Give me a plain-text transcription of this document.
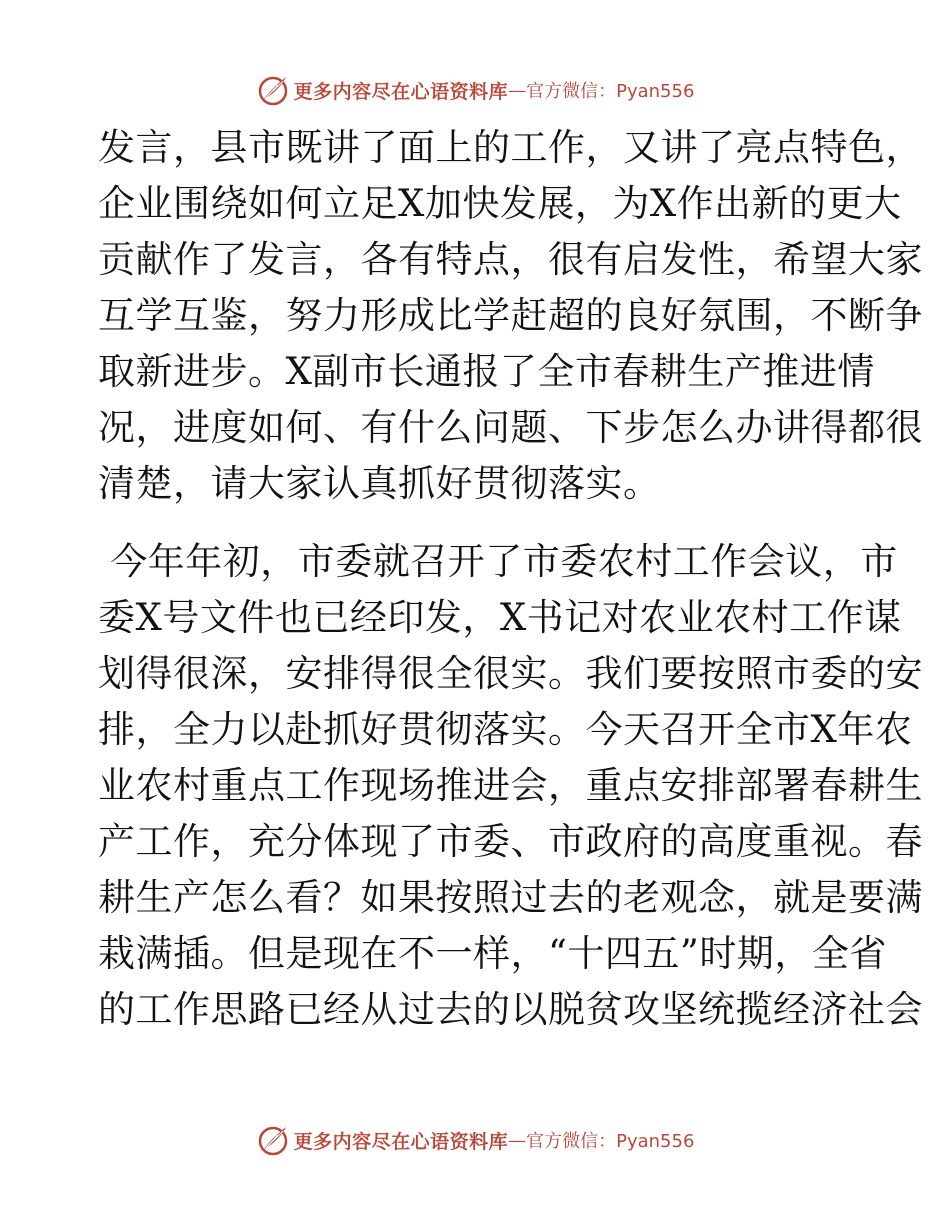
更多内容尽在心语资料库 — 官方微信：Pyan556
发言，县市既讲了面上的工作，又讲了亮点特色，
企业围绕如何立足X加快发展，为X作出新的更大
贡献作了发言，各有特点，很有启发性，希望大家
互学互鉴，努力形成比学赶超的良好氛围，不断争
取新进步。X副市长通报了全市春耕生产推进情
况，进度如何、有什么问题、下步怎么办讲得都很
清楚，请大家认真抓好贯彻落实。
今年年初，市委就召开了市委农村工作会议，市
委X号文件也已经印发，X书记对农业农村工作谋
划得很深，安排得很全很实。我们要按照市委的安
排，全力以赴抓好贯彻落实。今天召开全市X年农
业农村重点工作现场推进会，重点安排部署春耕生
产工作，充分体现了市委、市政府的高度重视。春
耕生产怎么看？如果按照过去的老观念，就是要满
栽满插。但是现在不一样，“十四五”时期，全省
的工作思路已经从过去的以脱贫攻坚统揽经济社会
更多内容尽在心语资料库 — 官方微信：Pyan556
